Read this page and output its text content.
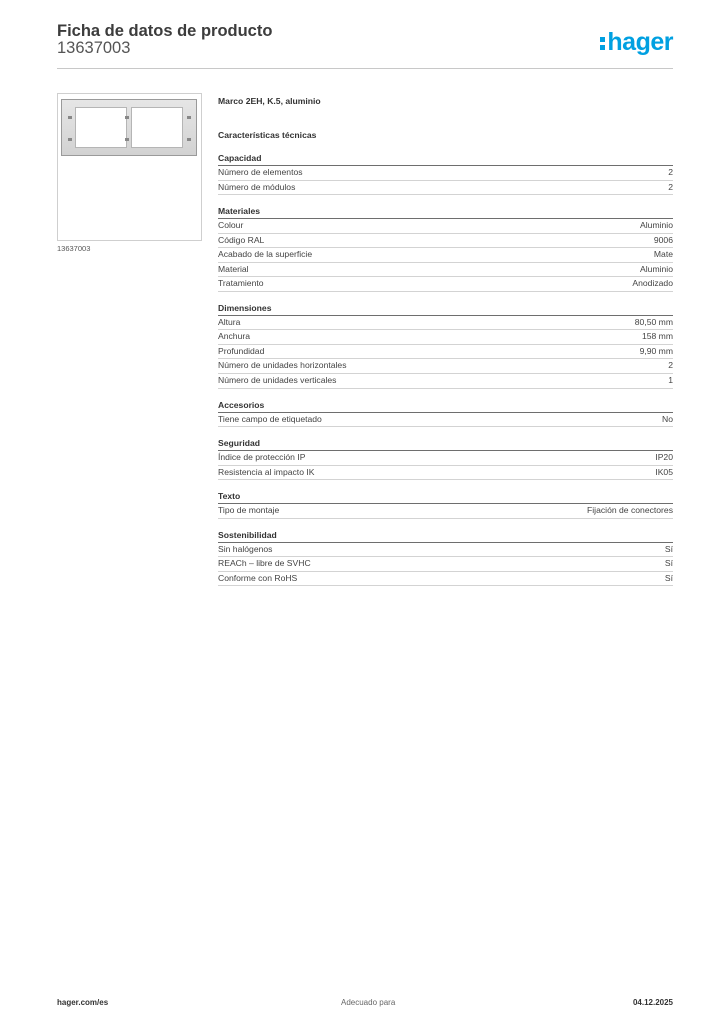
Ficha de datos de producto
13637003	hager
13637003
Marco 2EH, K.5, aluminio
Características técnicas
Capacidad
Número de elementos	2
Número de módulos	2
Materiales
Colour	Aluminio
Código RAL	9006
Acabado de la superficie	Mate
Material	Aluminio
Tratamiento	Anodizado
Dimensiones
Altura	80,50 mm
Anchura	158 mm
Profundidad	9,90 mm
Número de unidades horizontales	2
Número de unidades verticales	1
Accesorios
Tiene campo de etiquetado	No
Seguridad
Índice de protección IP	IP20
Resistencia al impacto IK	IK05
Texto
Tipo de montaje	Fijación de conectores
Sostenibilidad
Sin halógenos	Sí
REACh – libre de SVHC	Sí
Conforme con RoHS	Sí
hager.com/es	Adecuado para	04.12.2025
